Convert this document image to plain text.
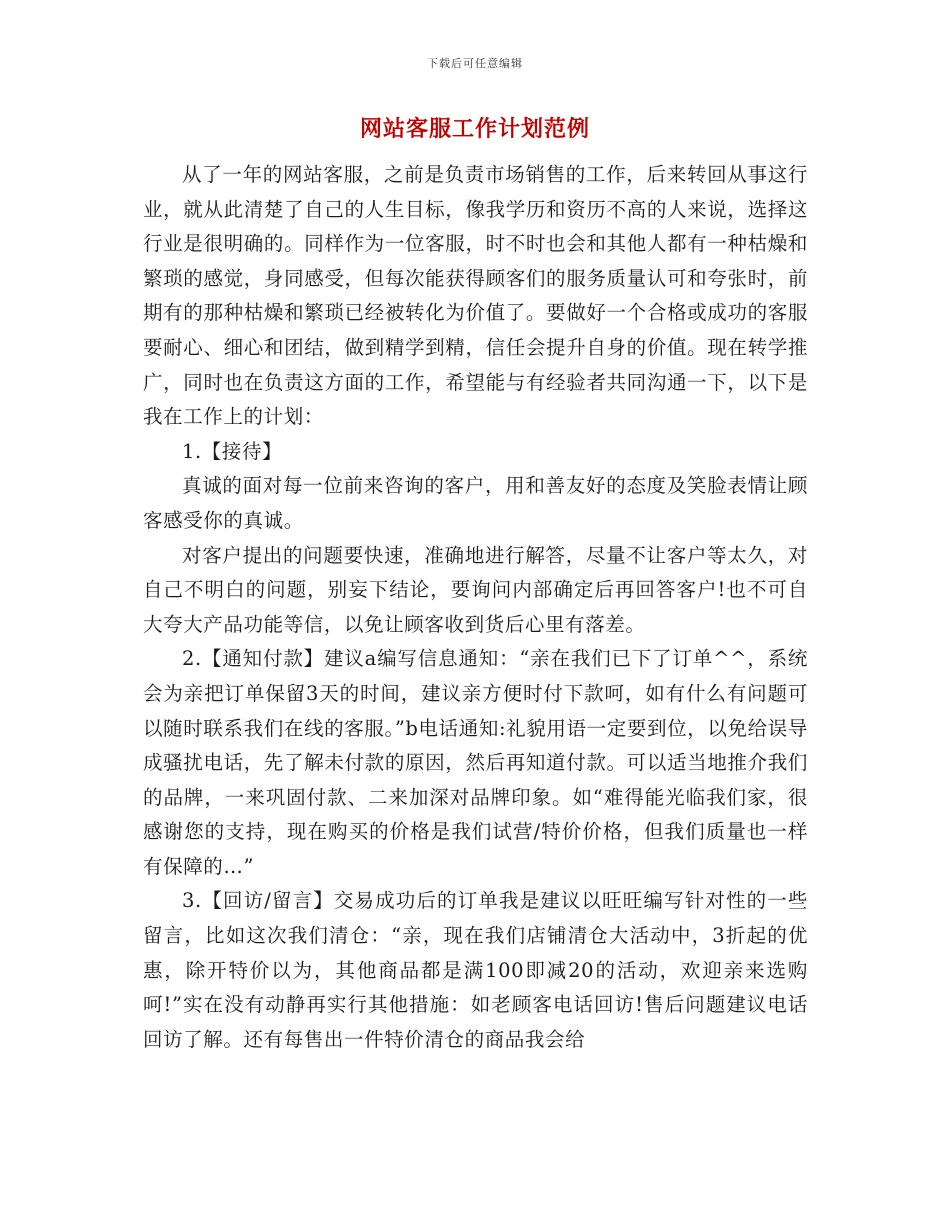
下载后可任意编辑
网站客服工作计划范例

从了一年的网站客服，之前是负责市场销售的工作，后来转回从事这行业，就从此清楚了自己的人生目标，像我学历和资历不高的人来说，选择这行业是很明确的。同样作为一位客服，时不时也会和其他人都有一种枯燥和繁琐的感觉，身同感受，但每次能获得顾客们的服务质量认可和夸张时，前期有的那种枯燥和繁琐已经被转化为价值了。要做好一个合格或成功的客服要耐心、细心和团结，做到精学到精，信任会提升自身的价值。现在转学推广，同时也在负责这方面的工作，希望能与有经验者共同沟通一下，以下是我在工作上的计划：

1.【接待】

真诚的面对每一位前来咨询的客户，用和善友好的态度及笑脸表情让顾客感受你的真诚。

对客户提出的问题要快速，准确地进行解答，尽量不让客户等太久，对自己不明白的问题，别妄下结论，要询问内部确定后再回答客户!也不可自大夸大产品功能等信，以免让顾客收到货后心里有落差。

2.【通知付款】建议a编写信息通知：“亲在我们已下了订单^^，系统会为亲把订单保留3天的时间，建议亲方便时付下款呵，如有什么有问题可以随时联系我们在线的客服。”b电话通知:礼貌用语一定要到位，以免给误导成骚扰电话，先了解未付款的原因，然后再知道付款。可以适当地推介我们的品牌，一来巩固付款、二来加深对品牌印象。如“难得能光临我们家，很感谢您的支持，现在购买的价格是我们试营/特价价格，但我们质量也一样有保障的…”

3.【回访/留言】交易成功后的订单我是建议以旺旺编写针对性的一些留言，比如这次我们清仓：“亲，现在我们店铺清仓大活动中，3折起的优惠，除开特价以为，其他商品都是满100即减20的活动，欢迎亲来选购呵!”实在没有动静再实行其他措施：如老顾客电话回访!售后问题建议电话回访了解。还有每售出一件特价清仓的商品我会给
